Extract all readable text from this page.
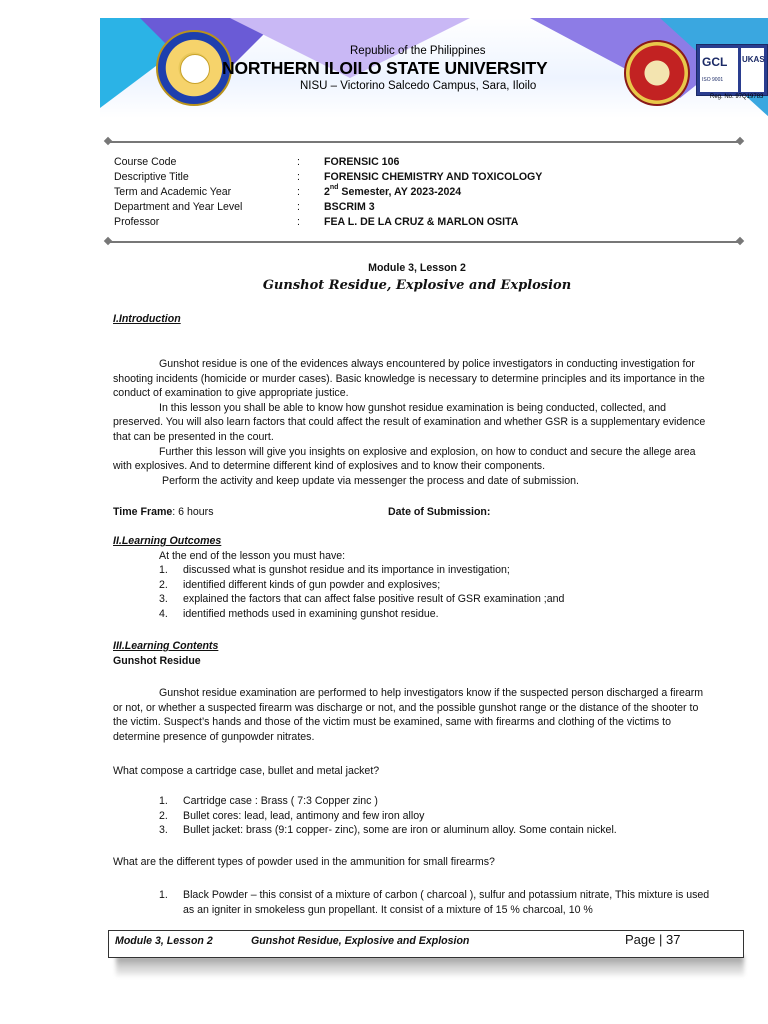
GCL UKAS
ISO 9001
Republic of the Philippines
NORTHERN ILOILO STATE UNIVERSITY
NISU – Victorino Salcedo Campus, Sara, Iloilo
Reg. No. 97Q19783
Course Code	: FORENSIC 106
Descriptive Title	: FORENSIC CHEMISTRY AND TOXICOLOGY
Term and Academic Year	: 2nd Semester, AY 2023-2024
Department and Year Level	: BSCRIM 3
Professor	: FEA L. DE LA CRUZ & MARLON OSITA
Module 3, Lesson 2
Gunshot Residue, Explosive and Explosion
I.Introduction

Gunshot residue is one of the evidences always encountered by police investigators in conducting investigation for shooting incidents (homicide or murder cases). Basic knowledge is necessary to determine principles and its importance in the conduct of examination to give appropriate justice.

In this lesson you shall be able to know how gunshot residue examination is being conducted, collected, and preserved. You will also learn factors that could affect the result of examination and whether GSR is a supplementary evidence that can be presented in the court.

Further this lesson will give you insights on explosive and explosion, on how to conduct and secure the allege area with explosives. And to determine different kind of explosives and to know their components.

Perform the activity and keep update via messenger the process and date of submission.

Time Frame: 6 hours	Date of Submission:
II.Learning Outcomes
At the end of the lesson you must have:
1. discussed what is gunshot residue and its importance in investigation;
2. identified different kinds of gun powder and explosives;
3. explained the factors that can affect false positive result of GSR examination ;and
4. identified methods used in examining gunshot residue.
III.Learning Contents
Gunshot Residue

Gunshot residue examination are performed to help investigators know if the suspected person discharged a firearm or not, or whether a suspected firearm was discharge or not, and the possible gunshot range or the distance of the shooter to the victim. Suspect’s hands and those of the victim must be examined, same with firearms and clothing of the victims to determine presence of gunpowder nitrates.

What compose a cartridge case, bullet and metal jacket?
1. Cartridge case : Brass ( 7:3 Copper zinc )
2. Bullet cores: lead, lead, antimony and few iron alloy
3. Bullet jacket: brass (9:1 copper- zinc), some are iron or aluminum alloy. Some contain nickel.
What are the different types of powder used in the ammunition for small firearms?
1. Black Powder – this consist of a mixture of carbon ( charcoal ), sulfur and potassium nitrate, This mixture is used as an igniter in smokeless gun propellant. It consist of a mixture of 15 % charcoal, 10 %
Module 3, Lesson 2	Gunshot Residue, Explosive and Explosion	Page | 37
